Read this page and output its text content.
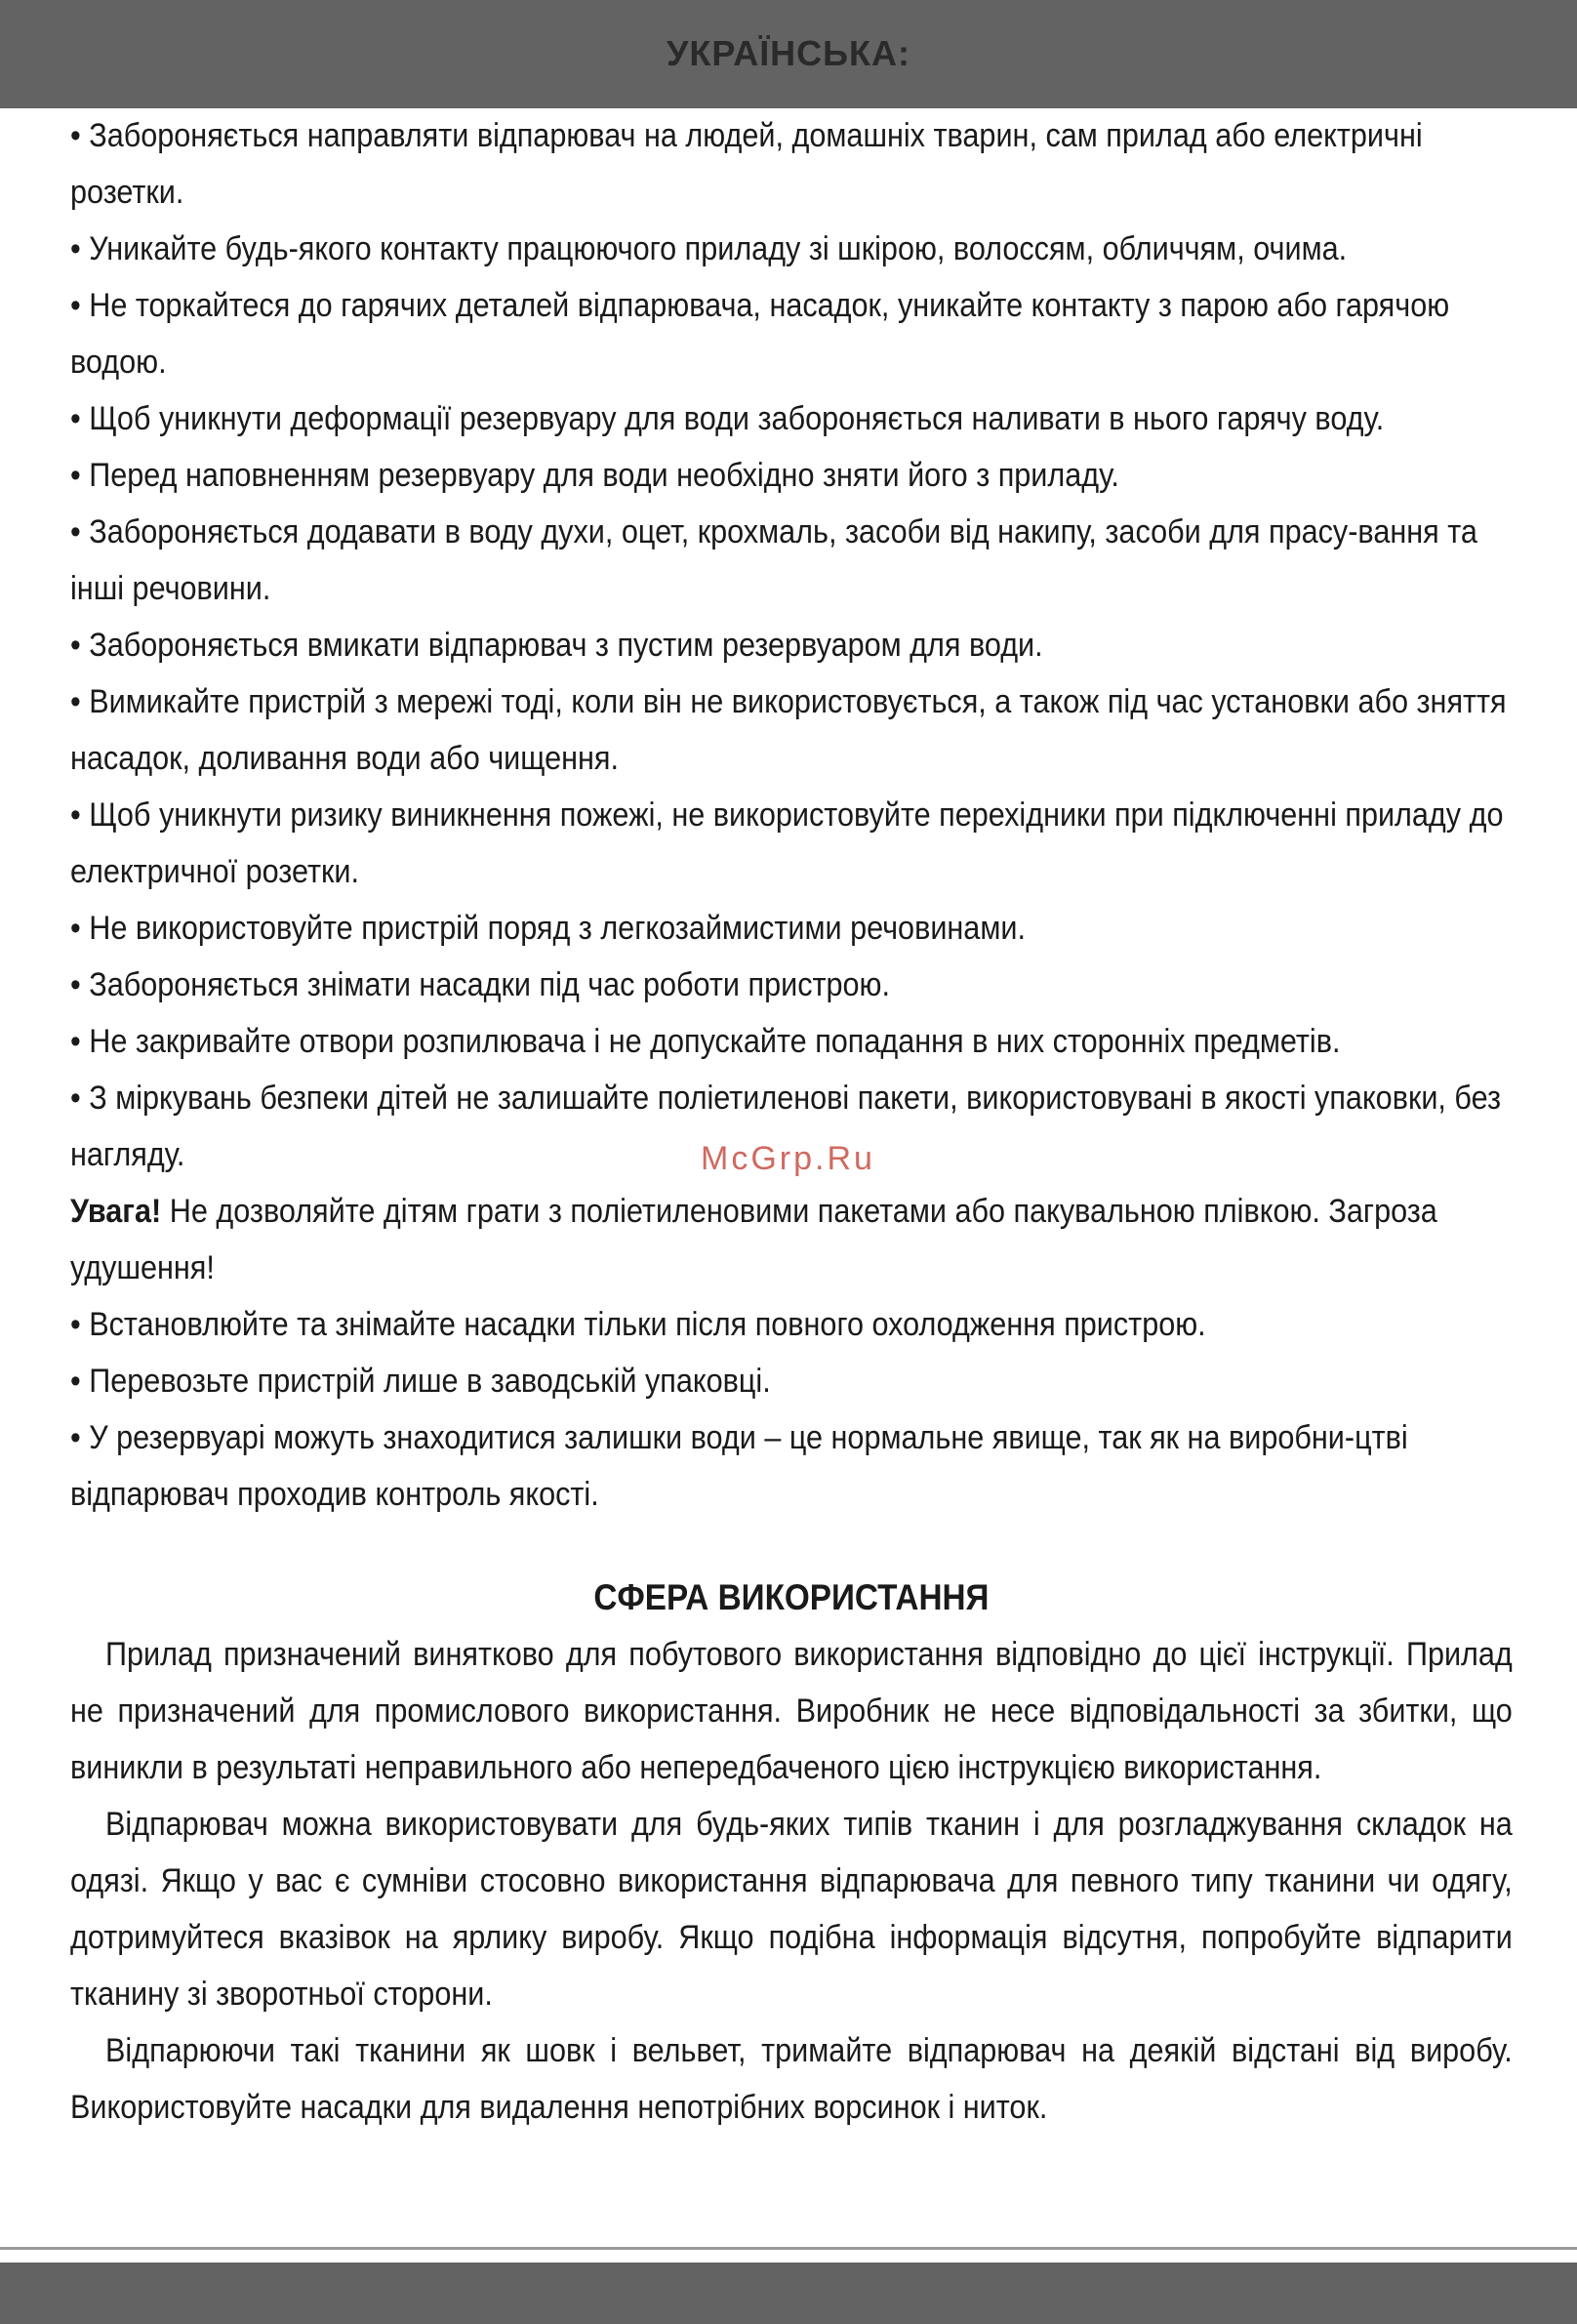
УКРАЇНСЬКА:

• Забороняється направляти відпарювач на людей, домашніх тварин, сам прилад або електричні розетки.

• Уникайте будь-якого контакту працюючого приладу зі шкірою, волоссям, обличчям, очима.

• Не торкайтеся до гарячих деталей відпарювача, насадок, уникайте контакту з парою або гарячою водою.

• Щоб уникнути деформації резервуару для води забороняється наливати в нього гарячу воду.

• Перед наповненням резервуару для води необхідно зняти його з приладу.

• Забороняється додавати в воду духи, оцет, крохмаль, засоби від накипу, засоби для прасу-вання та інші речовини.

• Забороняється вмикати відпарювач з пустим резервуаром для води.

• Вимикайте пристрій з мережі тоді, коли він не використовується, а також під час установки або зняття насадок, доливання води або чищення.

• Щоб уникнути ризику виникнення пожежі, не використовуйте перехідники при підключенні приладу до електричної розетки.

• Не використовуйте пристрій поряд з легкозаймистими речовинами.

• Забороняється знімати насадки під час роботи пристрою.

• Не закривайте отвори розпилювача і не допускайте попадання в них сторонніх предметів.

• З міркувань безпеки дітей не залишайте поліетиленові пакети, використовувані в якості упаковки, без нагляду.

Увага! Не дозволяйте дітям грати з поліетиленовими пакетами або пакувальною плівкою. Загроза удушення!

• Встановлюйте та знімайте насадки тільки після повного охолодження пристрою.

• Перевозьте пристрій лише в заводській упаковці.

• У резервуарі можуть знаходитися залишки води – це нормальне явище, так як на виробни-цтві відпарювач проходив контроль якості.

СФЕРА ВИКОРИСТАННЯ

Прилад призначений винятково для побутового використання відповідно до цієї інструкції. Прилад не призначений для промислового використання. Виробник не несе відповідальності за збитки, що виникли в результаті неправильного або непередбаченого цією інструкцією використання.

Відпарювач можна використовувати для будь-яких типів тканин і для розгладжування складок на одязі. Якщо у вас є сумніви стосовно використання відпарювача для певного типу тканини чи одягу, дотримуйтеся вказівок на ярлику виробу. Якщо подібна інформація відсутня, попробуйте відпарити тканину зі зворотньої сторони.

Відпарюючи такі тканини як шовк і вельвет, тримайте відпарювач на деякій відстані від виробу. Використовуйте насадки для видалення непотрібних ворсинок і ниток.

McGrp.Ru
